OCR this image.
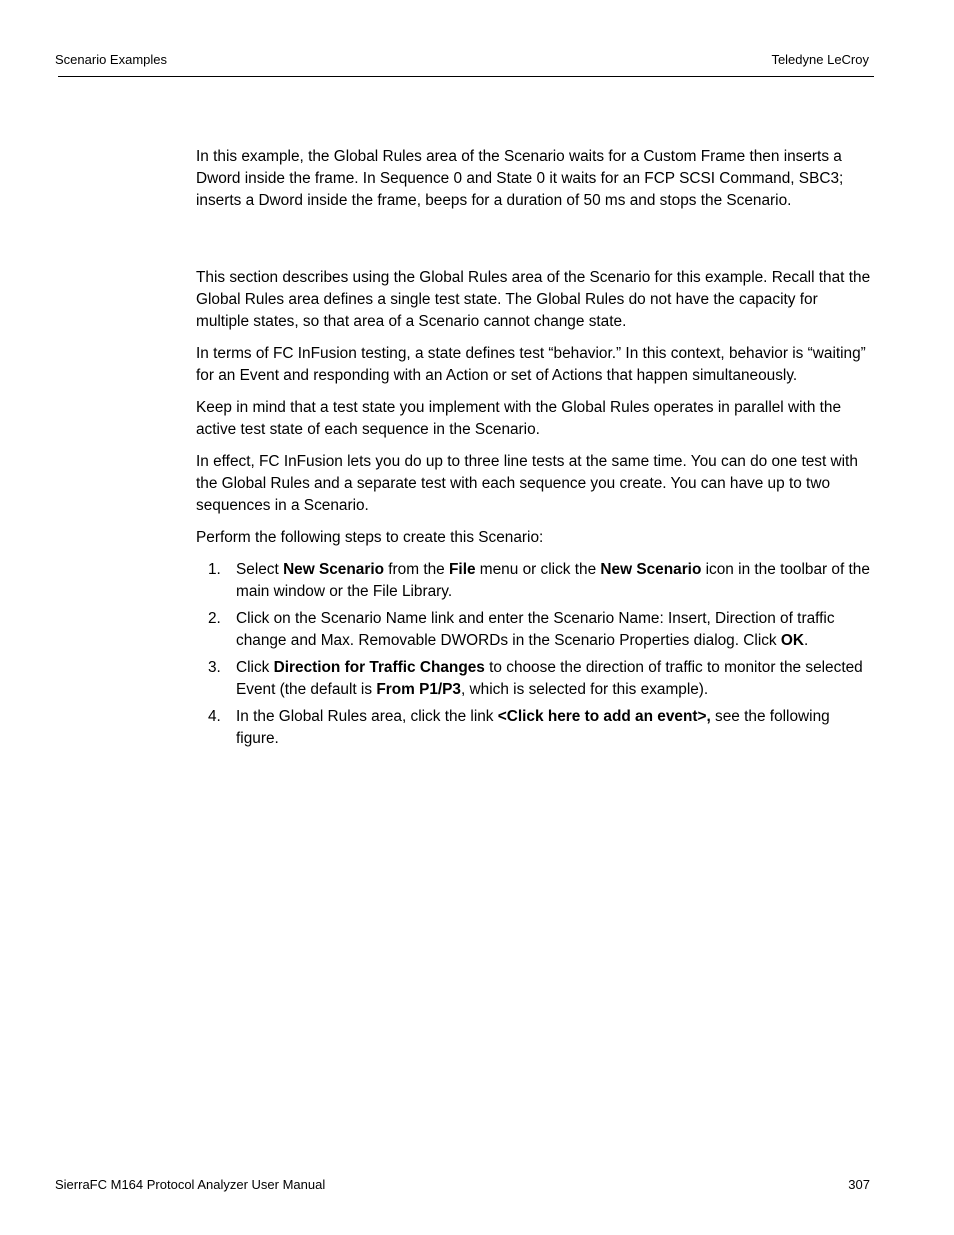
Scenario Examples	Teledyne LeCroy

In this example, the Global Rules area of the Scenario waits for a Custom Frame then inserts a Dword inside the frame. In Sequence 0 and State 0 it waits for an FCP SCSI Command, SBC3; inserts a Dword inside the frame, beeps for a duration of 50 ms and stops the Scenario.

This section describes using the Global Rules area of the Scenario for this example. Recall that the Global Rules area defines a single test state. The Global Rules do not have the capacity for multiple states, so that area of a Scenario cannot change state.

In terms of FC InFusion testing, a state defines test “behavior.” In this context, behavior is “waiting” for an Event and responding with an Action or set of Actions that happen simultaneously.

Keep in mind that a test state you implement with the Global Rules operates in parallel with the active test state of each sequence in the Scenario.

In effect, FC InFusion lets you do up to three line tests at the same time. You can do one test with the Global Rules and a separate test with each sequence you create. You can have up to two sequences in a Scenario.

Perform the following steps to create this Scenario:

1. Select New Scenario from the File menu or click the New Scenario icon in the toolbar of the main window or the File Library.
2. Click on the Scenario Name link and enter the Scenario Name: Insert, Direction of traffic change and Max. Removable DWORDs in the Scenario Properties dialog. Click OK.
3. Click Direction for Traffic Changes to choose the direction of traffic to monitor the selected Event (the default is From P1/P3, which is selected for this example).
4. In the Global Rules area, click the link <Click here to add an event>, see the following figure.
SierraFC M164 Protocol Analyzer User Manual	307
